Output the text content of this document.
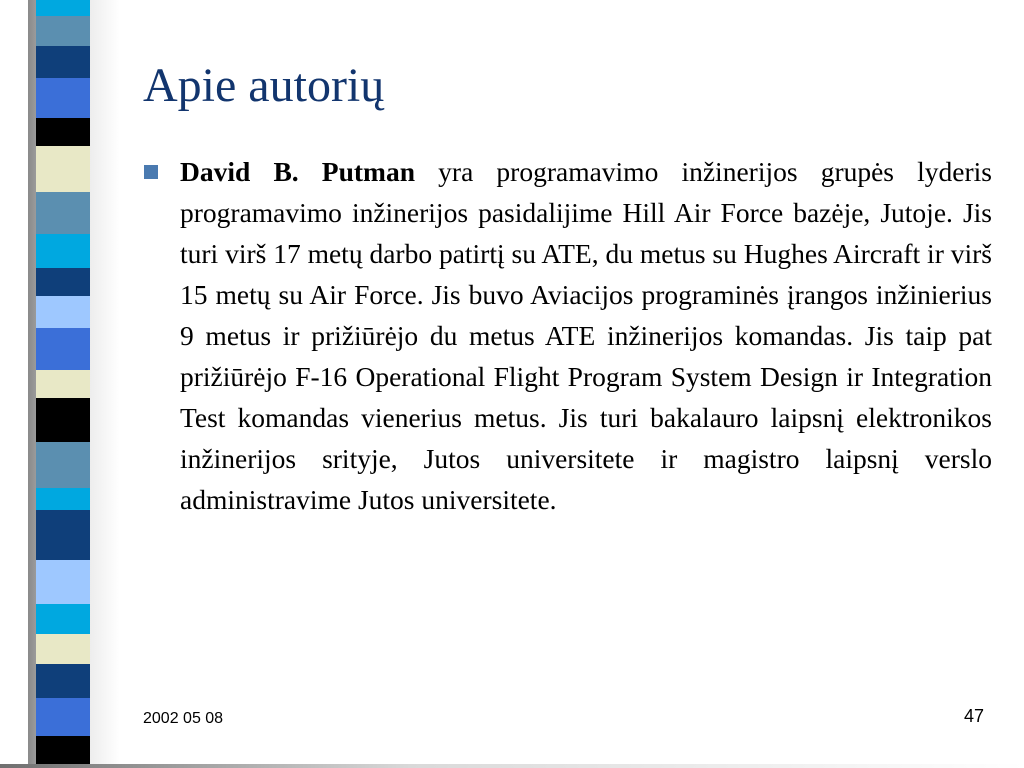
Apie autorių

David B. Putman yra programavimo inžinerijos grupės lyderis programavimo inžinerijos pasidalijime Hill Air Force bazėje, Jutoje. Jis turi virš 17 metų darbo patirtį su ATE, du metus su Hughes Aircraft ir virš 15 metų su Air Force. Jis buvo Aviacijos programinės įrangos inžinierius 9 metus ir prižiūrėjo du metus ATE inžinerijos komandas. Jis taip pat prižiūrėjo F-16 Operational Flight Program System Design ir Integration Test komandas vienerius metus. Jis turi bakalauro laipsnį elektronikos inžinerijos srityje, Jutos universitete ir magistro laipsnį verslo administravime Jutos universitete.

2002 05 08	47
